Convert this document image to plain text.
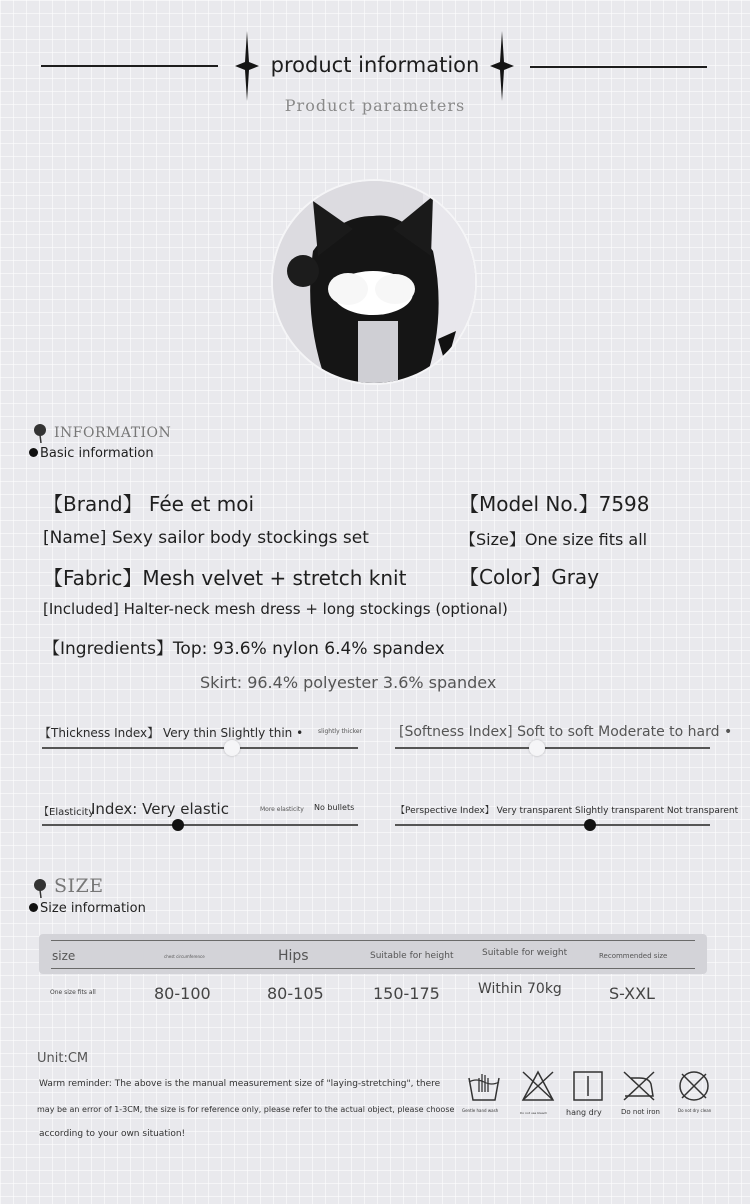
product information
Product parameters
INFORMATION
Basic information
【Brand】 Fée et moi	【Model No.】7598
[Name] Sexy sailor body stockings set	【Size】One size fits all
【Fabric】Mesh velvet + stretch knit	【Color】Gray
[Included] Halter-neck mesh dress + long stockings (optional)
【Ingredients】Top: 93.6% nylon 6.4% spandex
Skirt: 96.4% polyester 3.6% spandex
【Thickness Index】 Very thin Slightly thin • slightly thicker	[Softness Index] Soft to soft Moderate to hard •
【Elasticity
Index: Very elastic	More elasticity No bullets	【Perspective Index】 Very transparent Slightly transparent Not transparent
SIZE
Size information
size	chest circumference	Hips	Suitable for height	Suitable for weight	Recommended size
One size fits all	80-100	80-105	150-175	Within 70kg	S-XXL
Unit:CM
Warm reminder: The above is the manual measurement size of "laying-stretching", there
may be an error of 1-3CM, the size is for reference only, please refer to the actual object, please choose
according to your own situation!
Gentle hand wash	Do not use bleach hang dry	Do not iron	Do not dry clean
